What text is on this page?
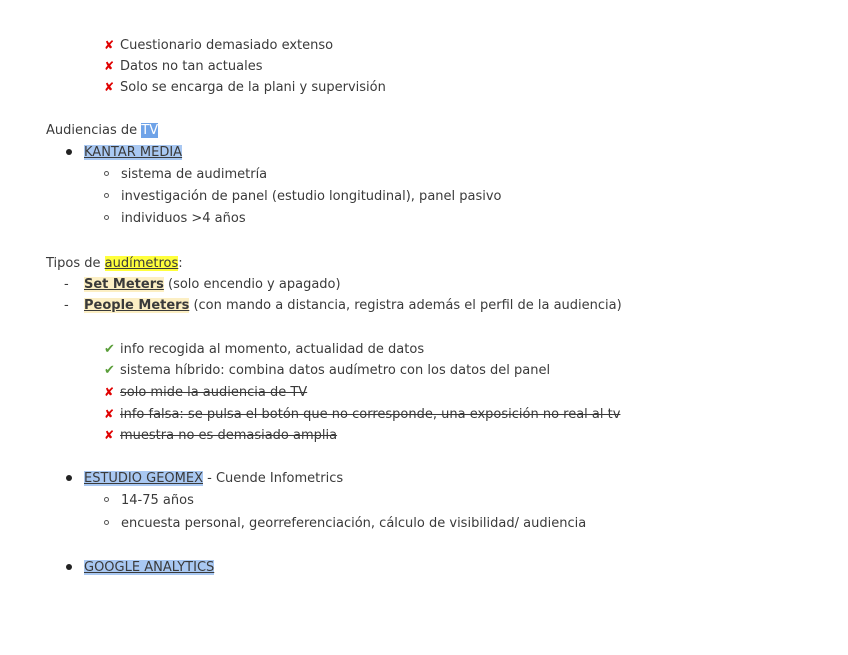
✘ Cuestionario demasiado extenso
✘ Datos no tan actuales
✘ Solo se encarga de la plani y supervisión
Audiencias de TV
KANTAR MEDIA
sistema de audimetría
investigación de panel (estudio longitudinal), panel pasivo
individuos >4 años
Tipos de audímetros:
- Set Meters (solo encendio y apagado)
- People Meters (con mando a distancia, registra además el perfil de la audiencia)
✔ info recogida al momento, actualidad de datos
✔ sistema híbrido: combina datos audímetro con los datos del panel
✘ solo mide la audiencia de TV
✘ info falsa: se pulsa el botón que no corresponde, una exposición no real al tv
✘ muestra no es demasiado amplia
ESTUDIO GEOMEX - Cuende Infometrics
14-75 años
encuesta personal, georreferenciación, cálculo de visibilidad/ audiencia
GOOGLE ANALYTICS
